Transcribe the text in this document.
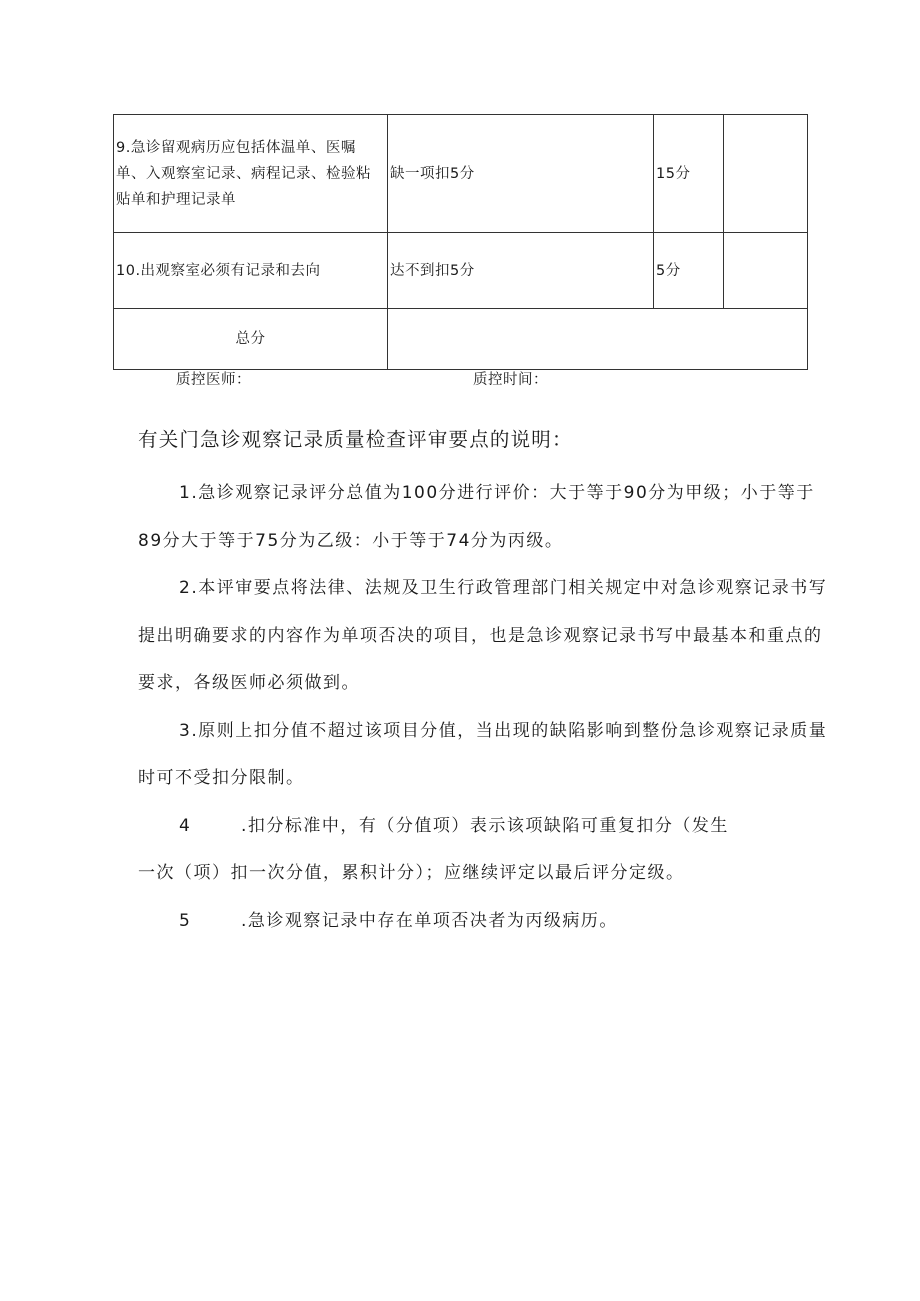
9.急诊留观病历应包括体温单、医嘱单、入观察室记录、病程记录、检验粘贴单和护理记录单	缺一项扣5分	15分	
10.出观察室必须有记录和去向	达不到扣5分	5分	
总分			
质控医师：	质控时间：
有关门急诊观察记录质量检查评审要点的说明：

1.急诊观察记录评分总值为100分进行评价：大于等于90分为甲级；小于等于89分大于等于75分为乙级：小于等于74分为丙级。

2.本评审要点将法律、法规及卫生行政管理部门相关规定中对急诊观察记录书写提出明确要求的内容作为单项否决的项目，也是急诊观察记录书写中最基本和重点的要求，各级医师必须做到。

3.原则上扣分值不超过该项目分值，当出现的缺陷影响到整份急诊观察记录质量时可不受扣分限制。

4	.扣分标准中，有（分值项）表示该项缺陷可重复扣分（发生

一次（项）扣一次分值，累积计分）；应继续评定以最后评分定级。

5	.急诊观察记录中存在单项否决者为丙级病历。
